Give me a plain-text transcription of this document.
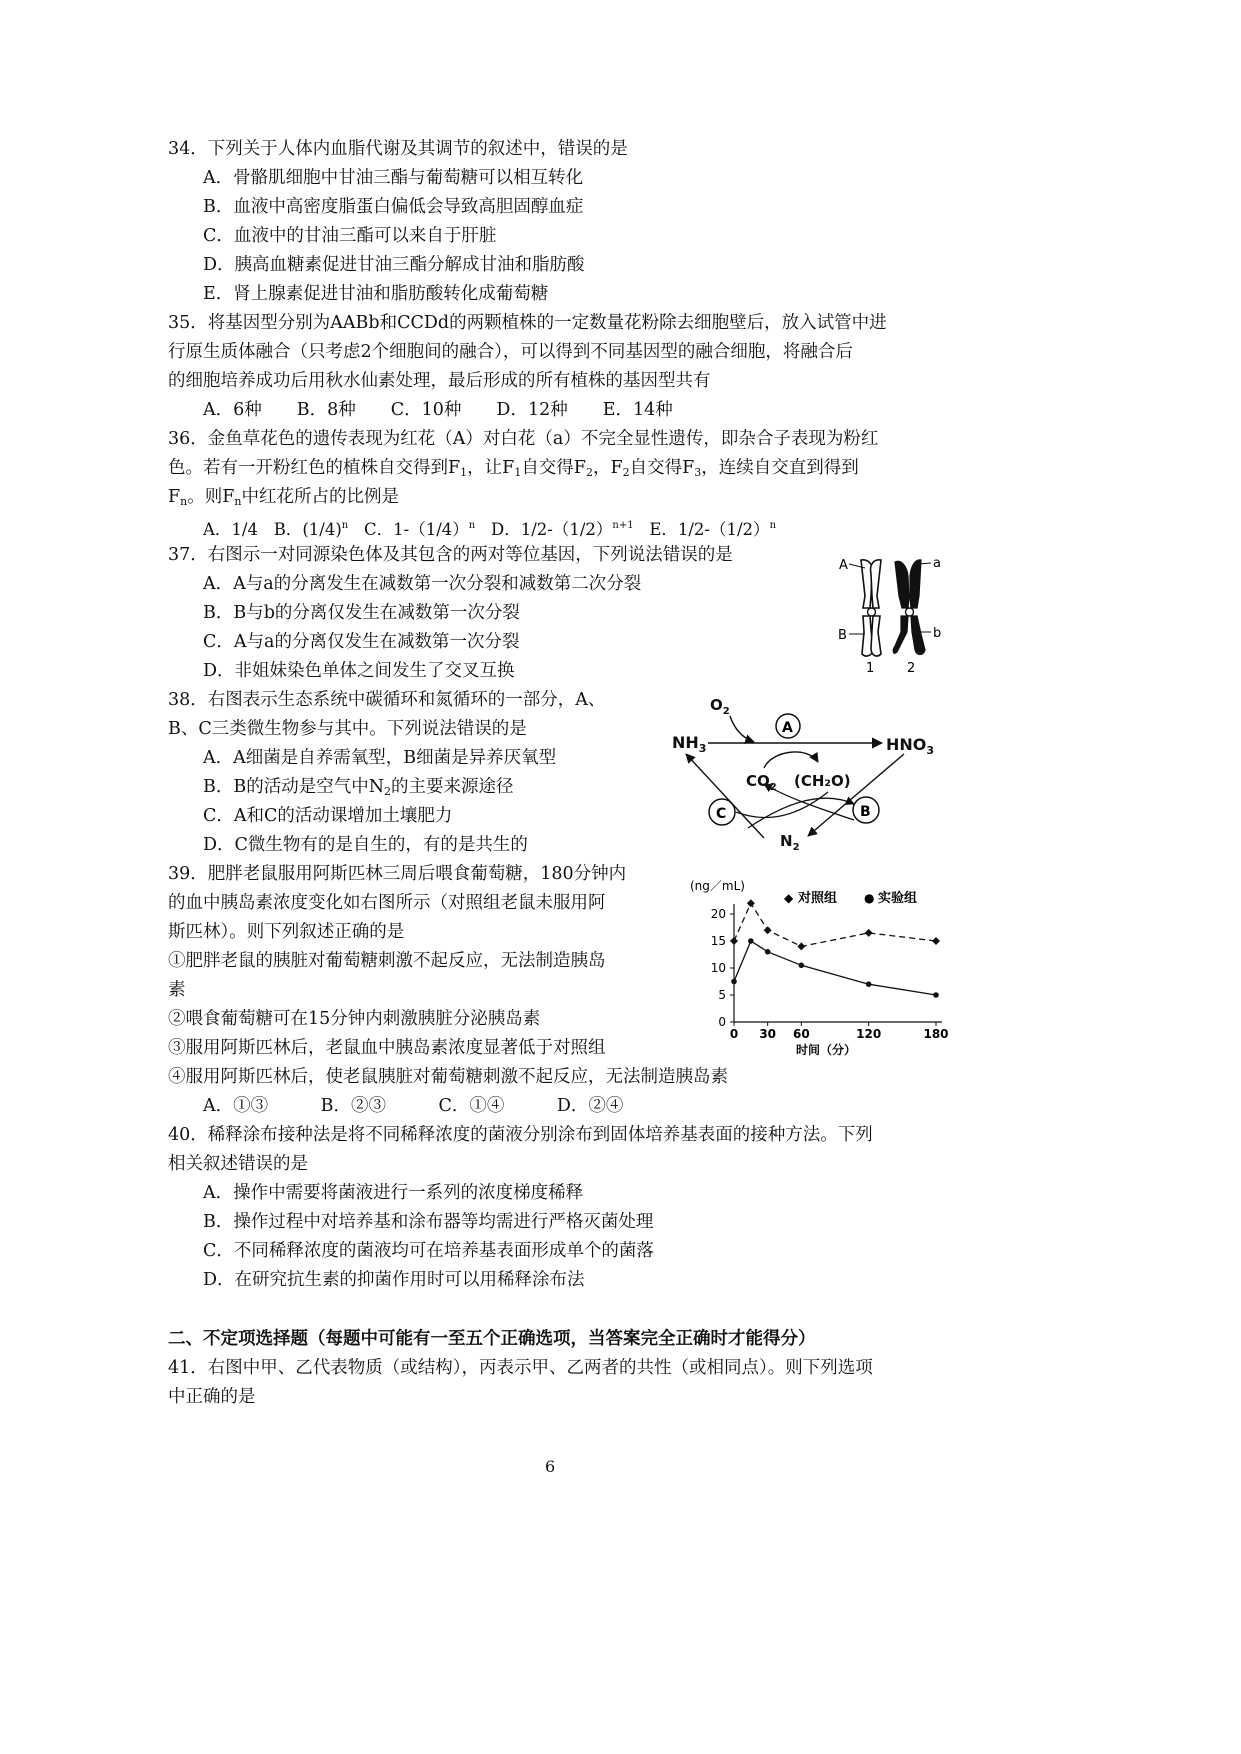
34．下列关于人体内血脂代谢及其调节的叙述中，错误的是
A．骨骼肌细胞中甘油三酯与葡萄糖可以相互转化
B．血液中高密度脂蛋白偏低会导致高胆固醇血症
C．血液中的甘油三酯可以来自于肝脏
D．胰高血糖素促进甘油三酯分解成甘油和脂肪酸
E．肾上腺素促进甘油和脂肪酸转化成葡萄糖
35．将基因型分别为AABb和CCDd的两颗植株的一定数量花粉除去细胞壁后，放入试管中进
行原生质体融合（只考虑2个细胞间的融合），可以得到不同基因型的融合细胞，将融合后
的细胞培养成功后用秋水仙素处理，最后形成的所有植株的基因型共有
A．6种　　B．8种　　C．10种　　D．12种　　E．14种
36．金鱼草花色的遗传表现为红花（A）对白花（a）不完全显性遗传，即杂合子表现为粉红
色。若有一开粉红色的植株自交得到$F_1$，让$F_1$自交得$F_2$，$F_2$自交得$F_3$，连续自交直到得到
$F_n$。则$F_n$中红花所占的比例是
A．1/4 B．$(1/4)^n$ C．$1-(1/4)^n$ D．$1/2-(1/2)^{n+1}$ E．$1/2-(1/2)^n$
37．右图示一对同源染色体及其包含的两对等位基因，下列说法错误的是
A．A与a的分离发生在减数第一次分裂和减数第二次分裂
B．B与b的分离仅发生在减数第一次分裂
C．A与a的分离仅发生在减数第一次分裂
D．非姐妹染色单体之间发生了交叉互换
A	a
B	b
1	2
38．右图表示生态系统中碳循环和氮循环的一部分，A、
B、C三类微生物参与其中。下列说法错误的是
A．A细菌是自养需氧型，B细菌是异养厌氧型
B．B的活动是空气中$N_2$的主要来源途径
C．A和C的活动课增加土壤肥力
D．C微生物有的是自生的，有的是共生的
$O_2$
$NH_3$	$HNO_3$
$CO_2$ (CH₂O)
$N_2$
A
B
C
39．肥胖老鼠服用阿斯匹林三周后喂食葡萄糖，180分钟内
的血中胰岛素浓度变化如右图所示（对照组老鼠未服用阿
斯匹林）。则下列叙述正确的是
①肥胖老鼠的胰脏对葡萄糖刺激不起反应，无法制造胰岛
素
②喂食葡萄糖可在15分钟内刺激胰脏分泌胰岛素
③服用阿斯匹林后，老鼠血中胰岛素浓度显著低于对照组
④服用阿斯匹林后，使老鼠胰脏对葡萄糖刺激不起反应，无法制造胰岛素
A．①③　　　B．②③　　　C．①④　　　D．②④
(ng／mL)
时间（分）
0
5
10
15
20
0 30 60	120	180
◆ 对照组 ● 实验组
40．稀释涂布接种法是将不同稀释浓度的菌液分别涂布到固体培养基表面的接种方法。下列
相关叙述错误的是
A．操作中需要将菌液进行一系列的浓度梯度稀释
B．操作过程中对培养基和涂布器等均需进行严格灭菌处理
C．不同稀释浓度的菌液均可在培养基表面形成单个的菌落
D．在研究抗生素的抑菌作用时可以用稀释涂布法
二、不定项选择题（每题中可能有一至五个正确选项，当答案完全正确时才能得分）
41．右图中甲、乙代表物质（或结构），丙表示甲、乙两者的共性（或相同点）。则下列选项
中正确的是
6
